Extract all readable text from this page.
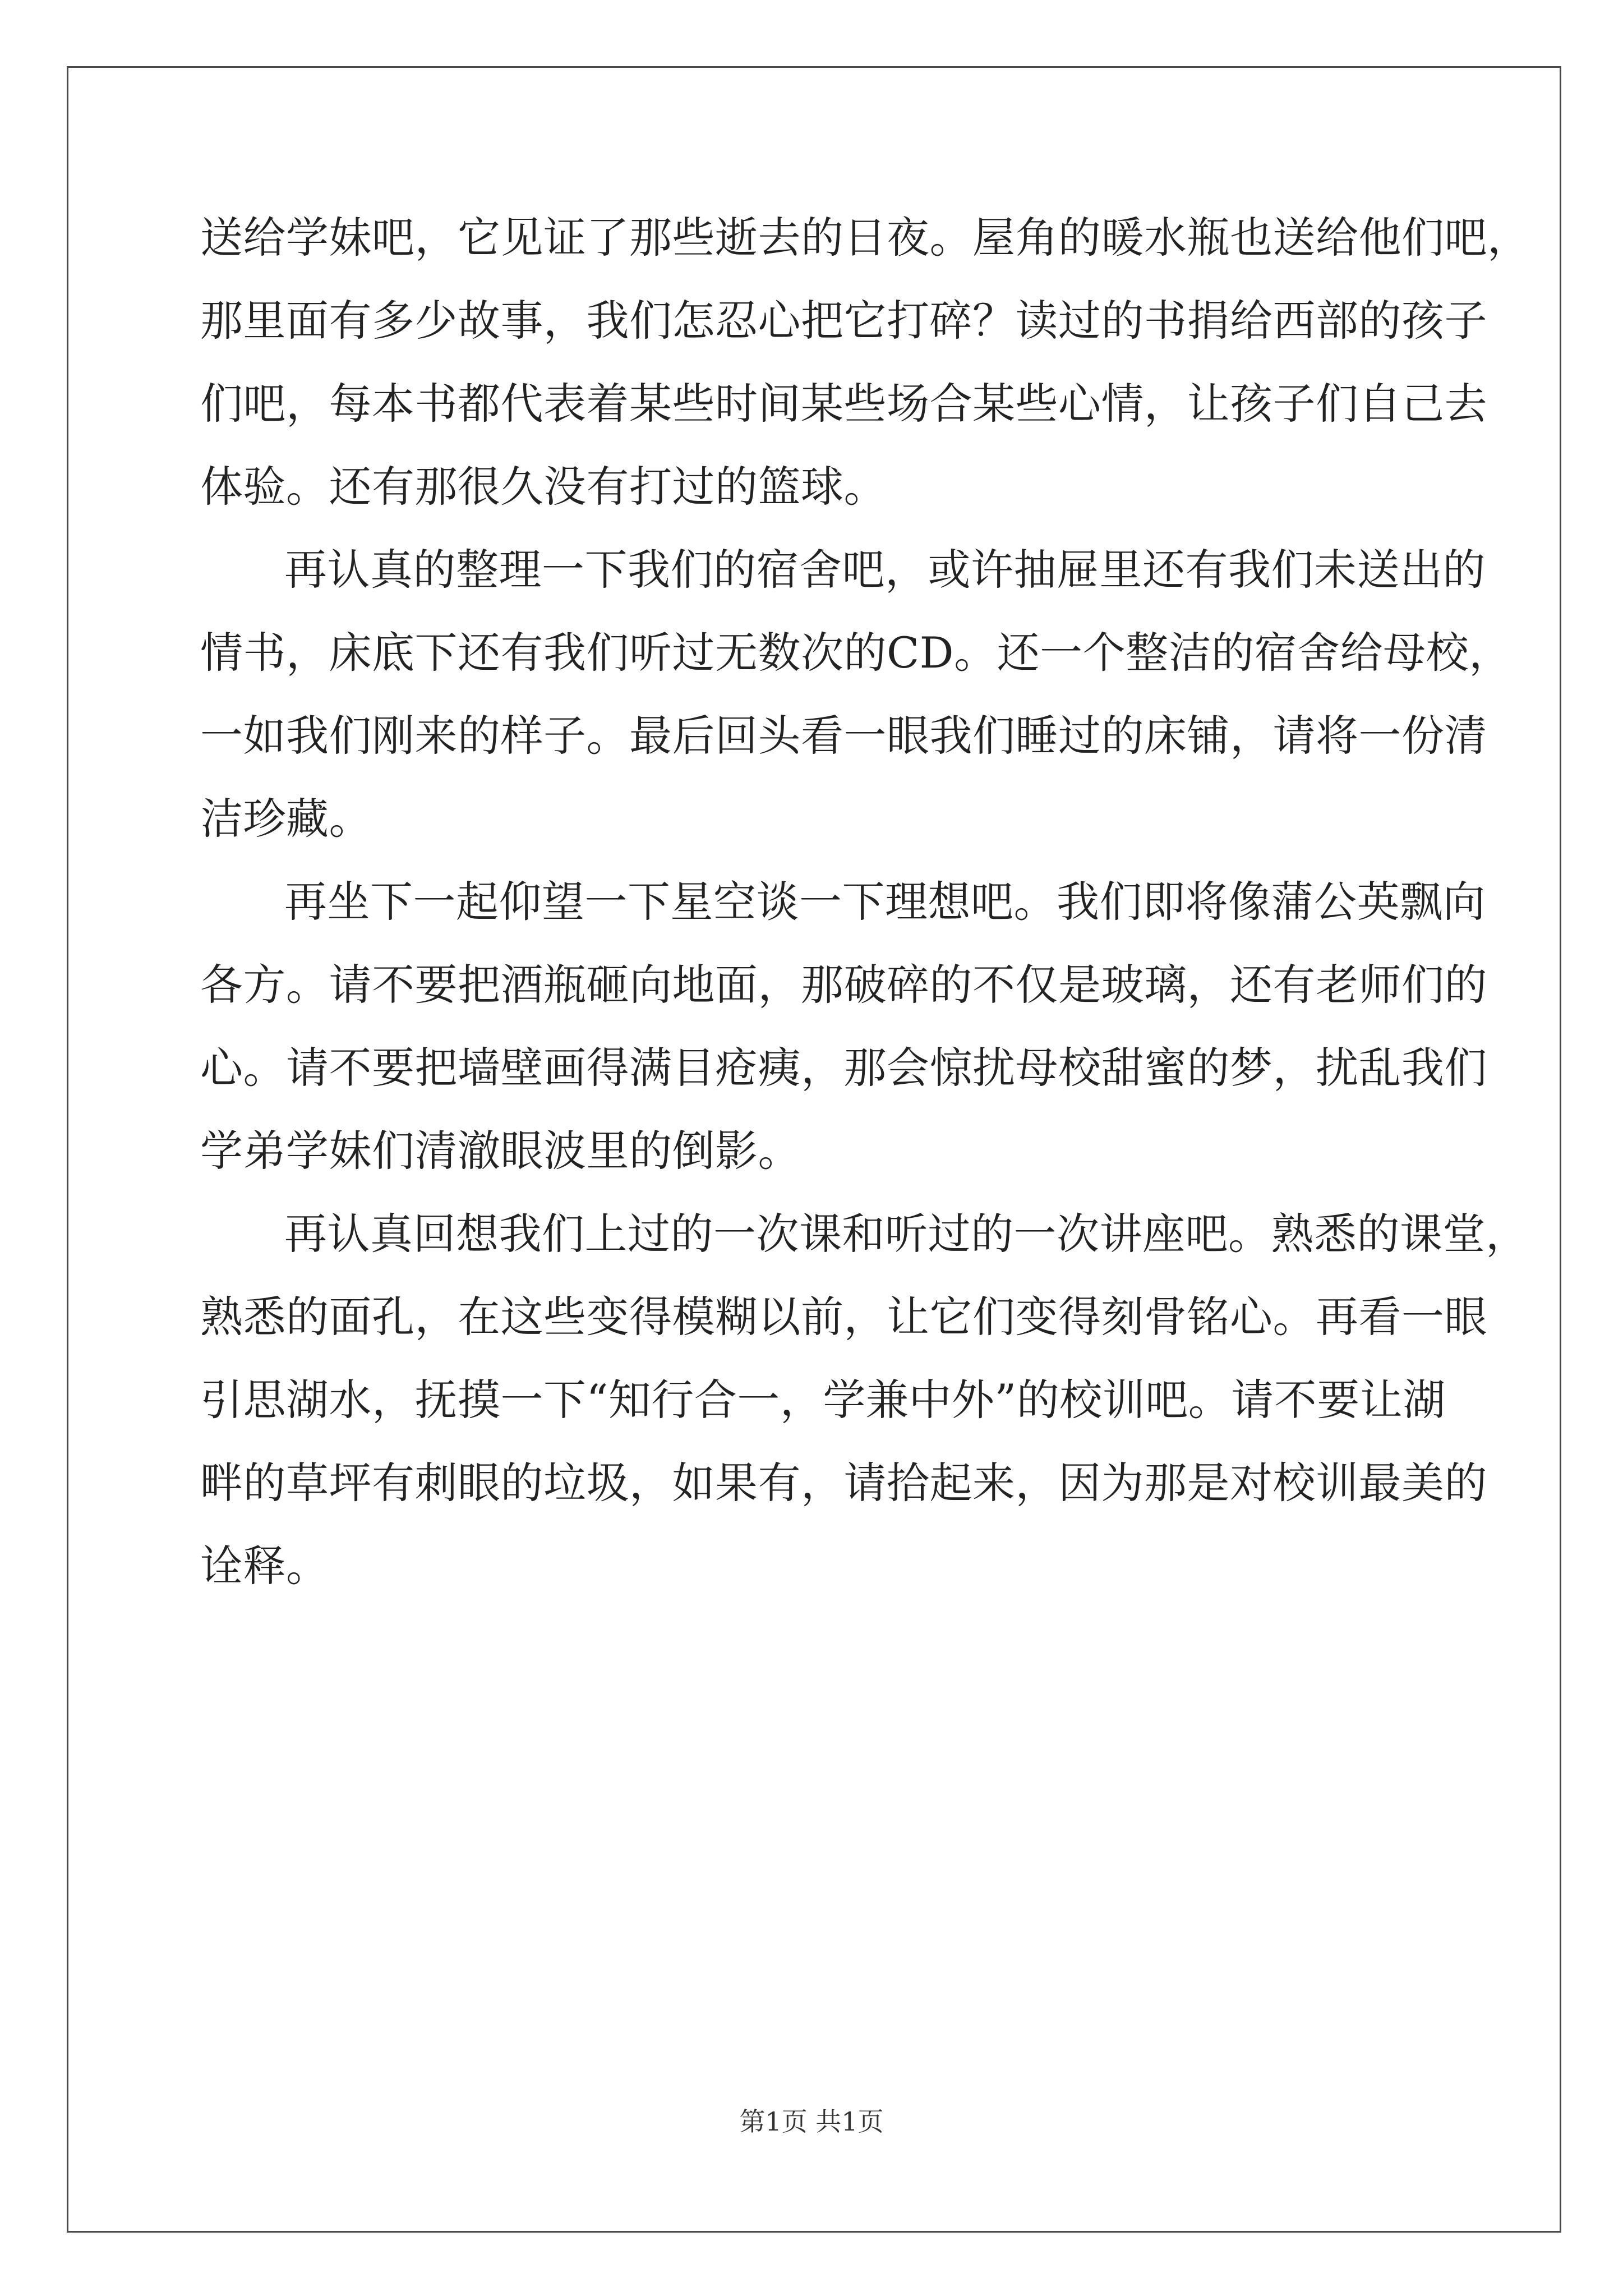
送给学妹吧，它见证了那些逝去的日夜。屋角的暖水瓶也送给他们吧，
那里面有多少故事，我们怎忍心把它打碎？读过的书捐给西部的孩子
们吧，每本书都代表着某些时间某些场合某些心情，让孩子们自己去
体验。还有那很久没有打过的篮球。
再认真的整理一下我们的宿舍吧，或许抽屉里还有我们未送出的
情书，床底下还有我们听过无数次的CD。还一个整洁的宿舍给母校，
一如我们刚来的样子。最后回头看一眼我们睡过的床铺，请将一份清
洁珍藏。
再坐下一起仰望一下星空谈一下理想吧。我们即将像蒲公英飘向
各方。请不要把酒瓶砸向地面，那破碎的不仅是玻璃，还有老师们的
心。请不要把墙壁画得满目疮痍，那会惊扰母校甜蜜的梦，扰乱我们
学弟学妹们清澈眼波里的倒影。
再认真回想我们上过的一次课和听过的一次讲座吧。熟悉的课堂，
熟悉的面孔，在这些变得模糊以前，让它们变得刻骨铭心。再看一眼
引思湖水，抚摸一下“知行合一，学兼中外”的校训吧。请不要让湖
畔的草坪有刺眼的垃圾，如果有，请拾起来，因为那是对校训最美的
诠释。
第1页 共1页
